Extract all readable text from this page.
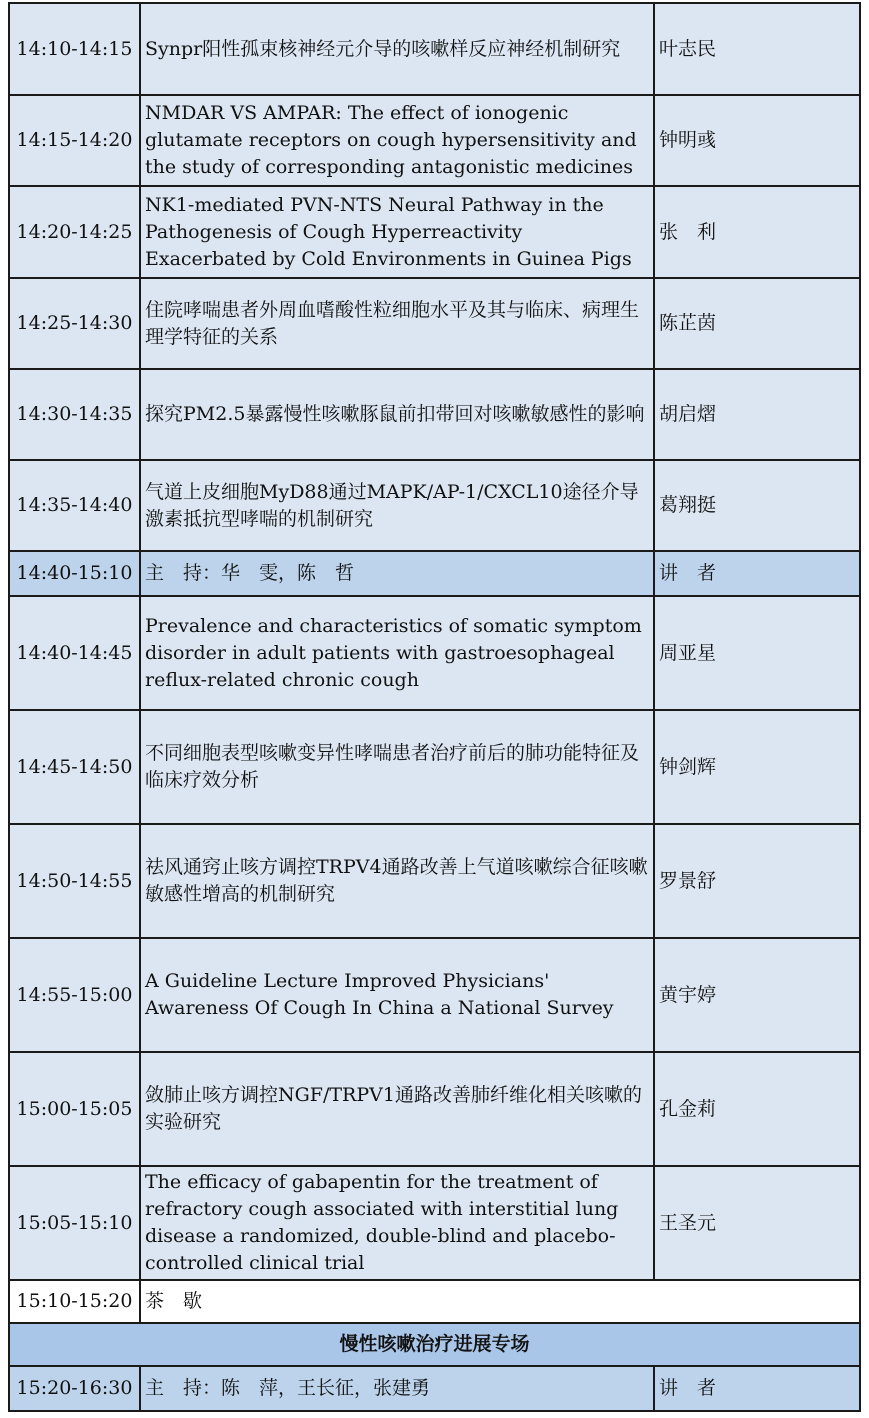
14:10-14:15	Synpr阳性孤束核神经元介导的咳嗽样反应神经机制研究	叶志民
14:15-14:20	NMDAR VS AMPAR: The effect of ionogenic glutamate receptors on cough hypersensitivity and the study of corresponding antagonistic medicines	钟明彧
14:20-14:25	NK1-mediated PVN-NTS Neural Pathway in the Pathogenesis of Cough Hyperreactivity Exacerbated by Cold Environments in Guinea Pigs	张　利
14:25-14:30	住院哮喘患者外周血嗜酸性粒细胞水平及其与临床、病理生理学特征的关系	陈芷茵
14:30-14:35	探究PM2.5暴露慢性咳嗽豚鼠前扣带回对咳嗽敏感性的影响	胡启熠
14:35-14:40	气道上皮细胞MyD88通过MAPK/AP-1/CXCL10途径介导激素抵抗型哮喘的机制研究	葛翔挺
14:40-15:10	主　持：华　雯，陈　哲	讲　者
14:40-14:45	Prevalence and characteristics of somatic symptom disorder in adult patients with gastroesophageal reflux-related chronic cough	周亚星
14:45-14:50	不同细胞表型咳嗽变异性哮喘患者治疗前后的肺功能特征及临床疗效分析	钟剑辉
14:50-14:55	祛风通窍止咳方调控TRPV4通路改善上气道咳嗽综合征咳嗽敏感性增高的机制研究	罗景舒
14:55-15:00	A Guideline Lecture Improved Physicians' Awareness Of Cough In China a National Survey	黄宇婷
15:00-15:05	敛肺止咳方调控NGF/TRPV1通路改善肺纤维化相关咳嗽的实验研究	孔金莉
15:05-15:10	The efficacy of gabapentin for the treatment of refractory cough associated with interstitial lung disease a randomized, double-blind and placebo-controlled clinical trial	王圣元
15:10-15:20	茶　歇	
慢性咳嗽治疗进展专场		
15:20-16:30	主　持：陈　萍，王长征，张建勇	讲　者
